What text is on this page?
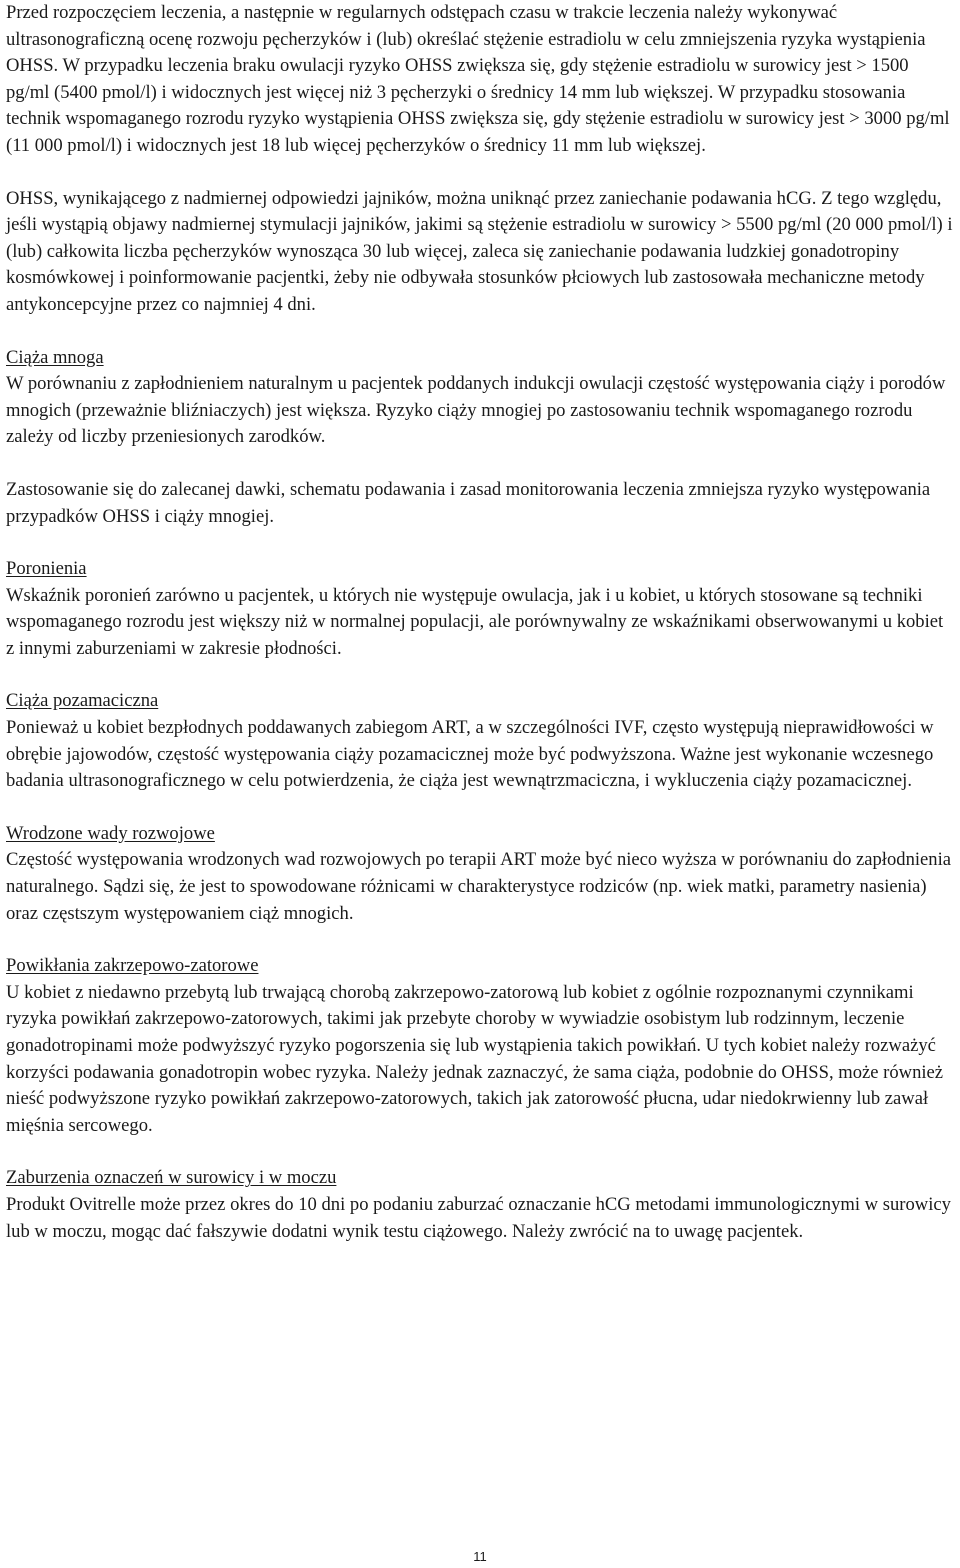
Przed rozpoczęciem leczenia, a następnie w regularnych odstępach czasu w trakcie leczenia należy wykonywać ultrasonograficzną ocenę rozwoju pęcherzyków i (lub) określać stężenie estradiolu w celu zmniejszenia ryzyka wystąpienia OHSS. W przypadku leczenia braku owulacji ryzyko OHSS zwiększa się, gdy stężenie estradiolu w surowicy jest > 1500 pg/ml (5400 pmol/l) i widocznych jest więcej niż 3 pęcherzyki o średnicy 14 mm lub większej. W przypadku stosowania technik wspomaganego rozrodu ryzyko wystąpienia OHSS zwiększa się, gdy stężenie estradiolu w surowicy jest > 3000 pg/ml (11 000 pmol/l) i widocznych jest 18 lub więcej pęcherzyków o średnicy 11 mm lub większej.

OHSS, wynikającego z nadmiernej odpowiedzi jajników, można uniknąć przez zaniechanie podawania hCG. Z tego względu, jeśli wystąpią objawy nadmiernej stymulacji jajników, jakimi są stężenie estradiolu w surowicy > 5500 pg/ml (20 000 pmol/l) i (lub) całkowita liczba pęcherzyków wynosząca 30 lub więcej, zaleca się zaniechanie podawania ludzkiej gonadotropiny kosmówkowej i poinformowanie pacjentki, żeby nie odbywała stosunków płciowych lub zastosowała mechaniczne metody antykoncepcyjne przez co najmniej 4 dni.

Ciąża mnoga

W porównaniu z zapłodnieniem naturalnym u pacjentek poddanych indukcji owulacji częstość występowania ciąży i porodów mnogich (przeważnie bliźniaczych) jest większa. Ryzyko ciąży mnogiej po zastosowaniu technik wspomaganego rozrodu zależy od liczby przeniesionych zarodków.

Zastosowanie się do zalecanej dawki, schematu podawania i zasad monitorowania leczenia zmniejsza ryzyko występowania przypadków OHSS i ciąży mnogiej.

Poronienia

Wskaźnik poronień zarówno u pacjentek, u których nie występuje owulacja, jak i u kobiet, u których stosowane są techniki wspomaganego rozrodu jest większy niż w normalnej populacji, ale porównywalny ze wskaźnikami obserwowanymi u kobiet z innymi zaburzeniami w zakresie płodności.

Ciąża pozamaciczna

Ponieważ u kobiet bezpłodnych poddawanych zabiegom ART, a w szczególności IVF, często występują nieprawidłowości w obrębie jajowodów, częstość występowania ciąży pozamacicznej może być podwyższona. Ważne jest wykonanie wczesnego badania ultrasonograficznego w celu potwierdzenia, że ciąża jest wewnątrzmaciczna, i wykluczenia ciąży pozamacicznej.

Wrodzone wady rozwojowe

Częstość występowania wrodzonych wad rozwojowych po terapii ART może być nieco wyższa w porównaniu do zapłodnienia naturalnego. Sądzi się, że jest to spowodowane różnicami w charakterystyce rodziców (np. wiek matki, parametry nasienia) oraz częstszym występowaniem ciąż mnogich.

Powikłania zakrzepowo-zatorowe

U kobiet z niedawno przebytą lub trwającą chorobą zakrzepowo-zatorową lub kobiet z ogólnie rozpoznanymi czynnikami ryzyka powikłań zakrzepowo-zatorowych, takimi jak przebyte choroby w wywiadzie osobistym lub rodzinnym, leczenie gonadotropinami może podwyższyć ryzyko pogorszenia się lub wystąpienia takich powikłań. U tych kobiet należy rozważyć korzyści podawania gonadotropin wobec ryzyka. Należy jednak zaznaczyć, że sama ciąża, podobnie do OHSS, może również nieść podwyższone ryzyko powikłań zakrzepowo-zatorowych, takich jak zatorowość płucna, udar niedokrwienny lub zawał mięśnia sercowego.

Zaburzenia oznaczeń w surowicy i w moczu

Produkt Ovitrelle może przez okres do 10 dni po podaniu zaburzać oznaczanie hCG metodami immunologicznymi w surowicy lub w moczu, mogąc dać fałszywie dodatni wynik testu ciążowego. Należy zwrócić na to uwagę pacjentek.

11
